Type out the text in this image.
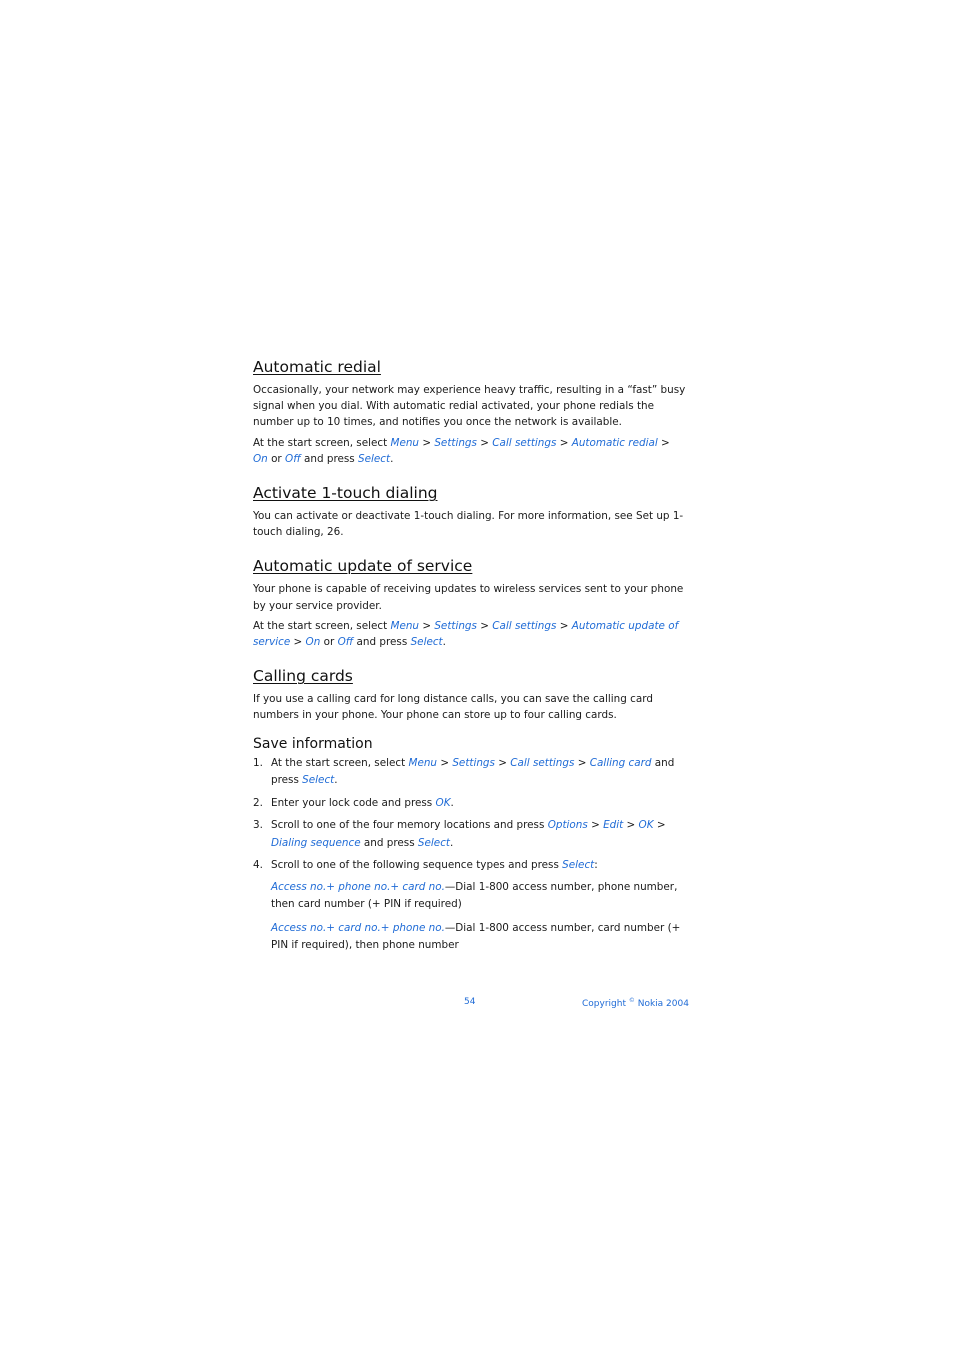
Automatic redial

Occasionally, your network may experience heavy traffic, resulting in a “fast” busy signal when you dial. With automatic redial activated, your phone redials the number up to 10 times, and notifies you once the network is available.

At the start screen, select Menu > Settings > Call settings > Automatic redial > On or Off and press Select.

Activate 1-touch dialing

You can activate or deactivate 1-touch dialing. For more information, see Set up 1-touch dialing, 26.

Automatic update of service

Your phone is capable of receiving updates to wireless services sent to your phone by your service provider.

At the start screen, select Menu > Settings > Call settings > Automatic update of service > On or Off and press Select.

Calling cards

If you use a calling card for long distance calls, you can save the calling card numbers in your phone. Your phone can store up to four calling cards.

Save information
1. At the start screen, select Menu > Settings > Call settings > Calling card and press Select.
2. Enter your lock code and press OK.
3. Scroll to one of the four memory locations and press Options > Edit > OK > Dialing sequence and press Select.
4. Scroll to one of the following sequence types and press Select:
Access no.+ phone no.+ card no.—Dial 1-800 access number, phone number, then card number (+ PIN if required)
Access no.+ card no.+ phone no.—Dial 1-800 access number, card number (+ PIN if required), then phone number
54	Copyright © Nokia 2004
